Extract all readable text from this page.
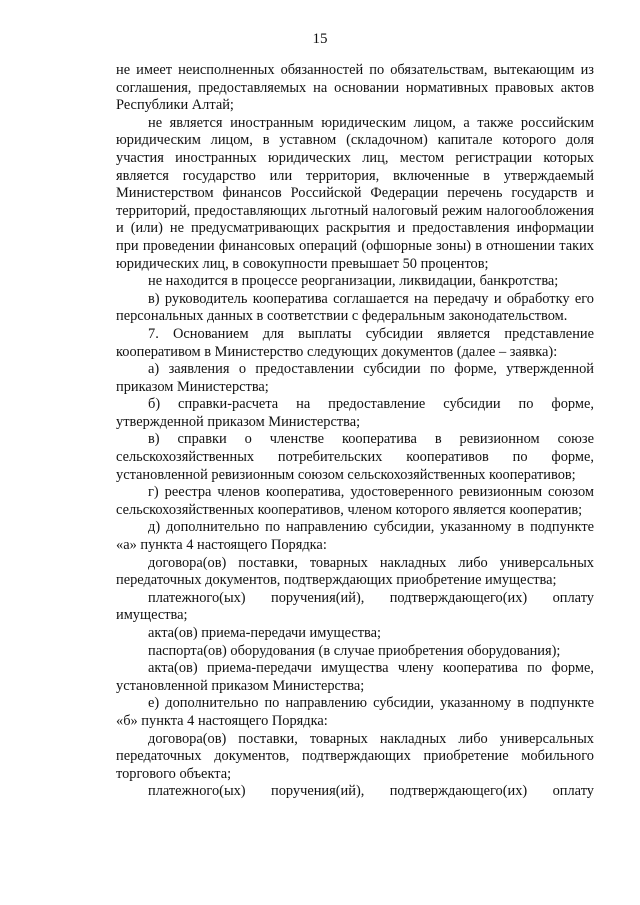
15

не имеет неисполненных обязанностей по обязательствам, вытекающим из соглашения, предоставляемых на основании нормативных правовых актов Республики Алтай;

не является иностранным юридическим лицом, а также российским юридическим лицом, в уставном (складочном) капитале которого доля участия иностранных юридических лиц, местом регистрации которых является государство или территория, включенные в утверждаемый Министерством финансов Российской Федерации перечень государств и территорий, предоставляющих льготный налоговый режим налогообложения и (или) не предусматривающих раскрытия и предоставления информации при проведении финансовых операций (офшорные зоны) в отношении таких юридических лиц, в совокупности превышает 50 процентов;

не находится в процессе реорганизации, ликвидации, банкротства;

в) руководитель кооператива соглашается на передачу и обработку его персональных данных в соответствии с федеральным законодательством.

7. Основанием для выплаты субсидии является представление кооперативом в Министерство следующих документов (далее – заявка):

а) заявления о предоставлении субсидии по форме, утвержденной приказом Министерства;

б) справки-расчета на предоставление субсидии по форме, утвержденной приказом Министерства;

в) справки о членстве кооператива в ревизионном союзе сельскохозяйственных потребительских кооперативов по форме, установленной ревизионным союзом сельскохозяйственных кооперативов;

г) реестра членов кооператива, удостоверенного ревизионным союзом сельскохозяйственных кооперативов, членом которого является кооператив;

д) дополнительно по направлению субсидии, указанному в подпункте «а» пункта 4 настоящего Порядка:

договора(ов) поставки, товарных накладных либо универсальных передаточных документов, подтверждающих приобретение имущества;

платежного(ых) поручения(ий), подтверждающего(их) оплату имущества;

акта(ов) приема-передачи имущества;

паспорта(ов) оборудования (в случае приобретения оборудования);

акта(ов) приема-передачи имущества члену кооператива по форме, установленной приказом Министерства;

е) дополнительно по направлению субсидии, указанному в подпункте «б» пункта 4 настоящего Порядка:

договора(ов) поставки, товарных накладных либо универсальных передаточных документов, подтверждающих приобретение мобильного торгового объекта;

платежного(ых) поручения(ий), подтверждающего(их) оплату
